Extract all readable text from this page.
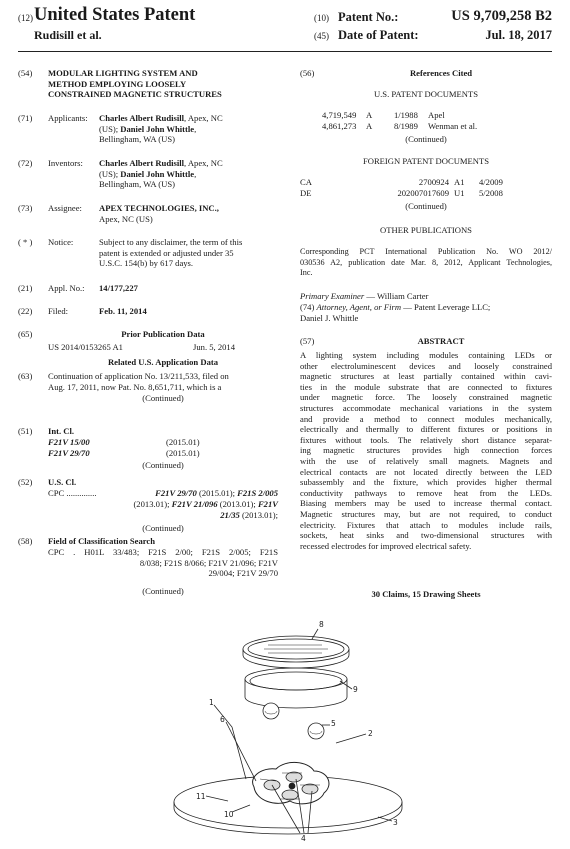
(12) United States Patent
Rudisill et al.
(10) Patent No.:	US 9,709,258 B2
(45) Date of Patent:	Jul. 18, 2017
(54)	MODULAR LIGHTING SYSTEM AND
METHOD EMPLOYING LOOSELY
CONSTRAINED MAGNETIC STRUCTURES
(71)	Applicants: Charles Albert Rudisill, Apex, NC
(US); Daniel John Whittle,
Bellingham, WA (US)
(72)	Inventors: Charles Albert Rudisill, Apex, NC
(US); Daniel John Whittle,
Bellingham, WA (US)
(73)	Assignee: APEX TECHNOLOGIES, INC.,
Apex, NC (US)
( * )	Notice:	Subject to any disclaimer, the term of this
patent is extended or adjusted under 35
U.S.C. 154(b) by 617 days.
(21)	Appl. No.: 14/177,227
(22)	Filed:	Feb. 11, 2014
(65)	Prior Publication Data
US 2014/0153265 A1	Jun. 5, 2014
Related U.S. Application Data
(63)	Continuation of application No. 13/211,533, filed on
Aug. 17, 2011, now Pat. No. 8,651,711, which is a
(Continued)
(51)	Int. Cl.
F21V 15/00	(2015.01)
F21V 29/70	(2015.01)
(Continued)
(52)	U.S. Cl.
CPC ..............	F21V 29/70 (2015.01); F21S 2/005
(2013.01); F21V 21/096 (2013.01); F21V
21/35 (2013.01);
(Continued)
(58)	Field of Classification Search
CPC . H01L 33/483; F21S 2/00; F21S 2/005; F21S
8/038; F21S 8/066; F21V 21/096; F21V
29/004; F21V 29/70
(Continued)
(56)	References Cited
U.S. PATENT DOCUMENTS
4,719,549 A	1/1988 Apel
4,861,273 A	8/1989 Wenman et al.
(Continued)
FOREIGN PATENT DOCUMENTS
CA	2700924 A1 4/2009
DE	202007017609 U1 5/2008
(Continued)
OTHER PUBLICATIONS
Corresponding PCT International Publication No. WO 2012/
030536 A2, publication date Mar. 8, 2012, Applicant Technologies,
Inc.
Primary Examiner — William Carter
(74) Attorney, Agent, or Firm — Patent Leverage LLC;
Daniel J. Whittle
(57)	ABSTRACT
A lighting system including modules containing LEDs or
other electroluminescent devices and loosely constrained
magnetic structures at least partially contained within cavi-
ties in the module substrate that are connected to fixtures
under magnetic force. The loosely constrained magnetic
structures accommodate mechanical variations in the system
and provide a method to connect modules mechanically,
electrically and thermally to different fixtures or positions in
fixtures without tools. The relatively short distance separat-
ing magnetic structures provides high connection forces
with the use of relatively small magnets. Magnets and
electrical contacts are not located directly between the LED
subassembly and the fixture, which provides higher thermal
conductivity pathways to remove heat from the LEDs.
Biasing members may be used to increase thermal contact.
Magnetic structures may, but are not required, to conduct
electricity. Fixtures that attach to modules include rails,
sockets, heat sinks and two-dimensional structures with
recessed electrodes for improved electrical safety.
30 Claims, 15 Drawing Sheets
8
9
1
6	5
2
4
11
10
3
